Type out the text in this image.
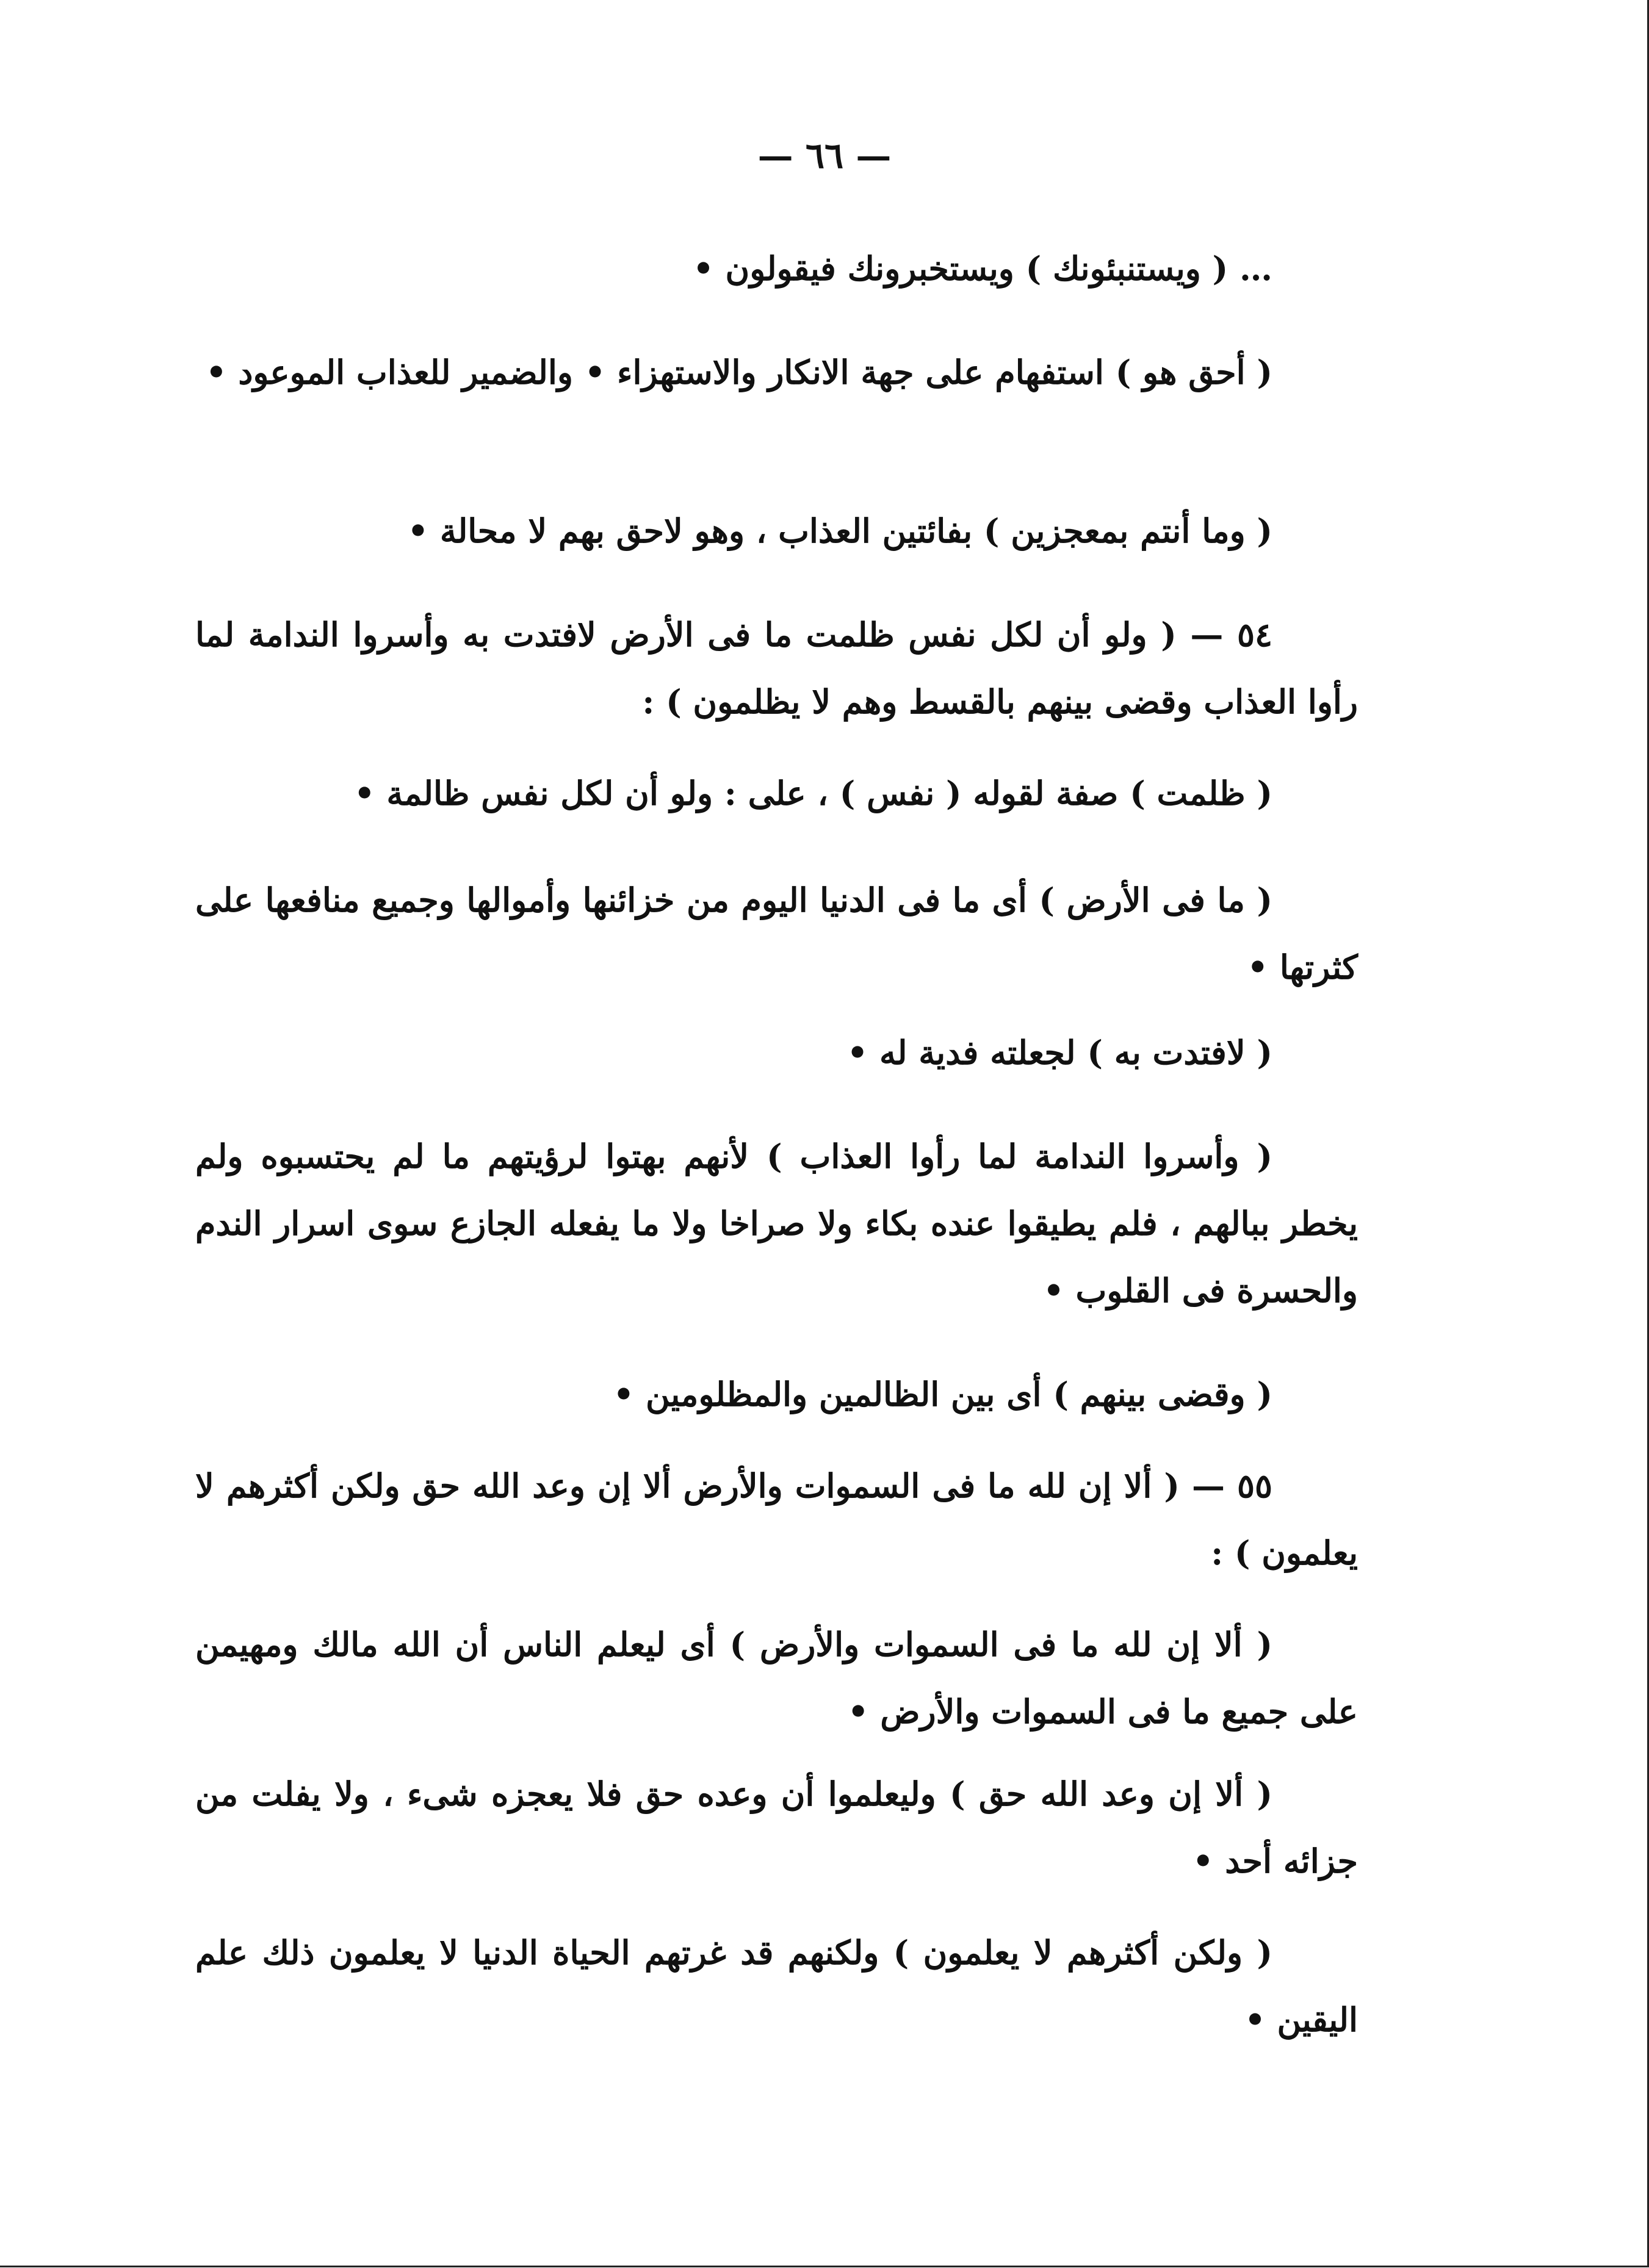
— ٦٦ —

… ( ويستنبئونك ) ويستخبرونك فيقولون •

( أحق هو ) استفهام على جهة الانكار والاستهزاء • والضمير للعذاب الموعود •

( وما أنتم بمعجزين ) بفائتين العذاب ، وهو لاحق بهم لا محالة •

٥٤ — ( ولو أن لكل نفس ظلمت ما فى الأرض لافتدت به وأسروا الندامة لما رأوا العذاب وقضى بينهم بالقسط وهم لا يظلمون ) :

( ظلمت ) صفة لقوله ( نفس ) ، على : ولو أن لكل نفس ظالمة •

( ما فى الأرض ) أى ما فى الدنيا اليوم من خزائنها وأموالها وجميع منافعها على كثرتها •

( لافتدت به ) لجعلته فدية له •

( وأسروا الندامة لما رأوا العذاب ) لأنهم بهتوا لرؤيتهم ما لم يحتسبوه ولم يخطر ببالهم ، فلم يطيقوا عنده بكاء ولا صراخا ولا ما يفعله الجازع سوى اسرار الندم والحسرة فى القلوب •

( وقضى بينهم ) أى بين الظالمين والمظلومين •

٥٥ — ( ألا إن لله ما فى السموات والأرض ألا إن وعد الله حق ولكن أكثرهم لا يعلمون ) :

( ألا إن لله ما فى السموات والأرض ) أى ليعلم الناس أن الله مالك ومهيمن على جميع ما فى السموات والأرض •

( ألا إن وعد الله حق ) وليعلموا أن وعده حق فلا يعجزه شىء ، ولا يفلت من جزائه أحد •

( ولكن أكثرهم لا يعلمون ) ولكنهم قد غرتهم الحياة الدنيا لا يعلمون ذلك علم اليقين •
